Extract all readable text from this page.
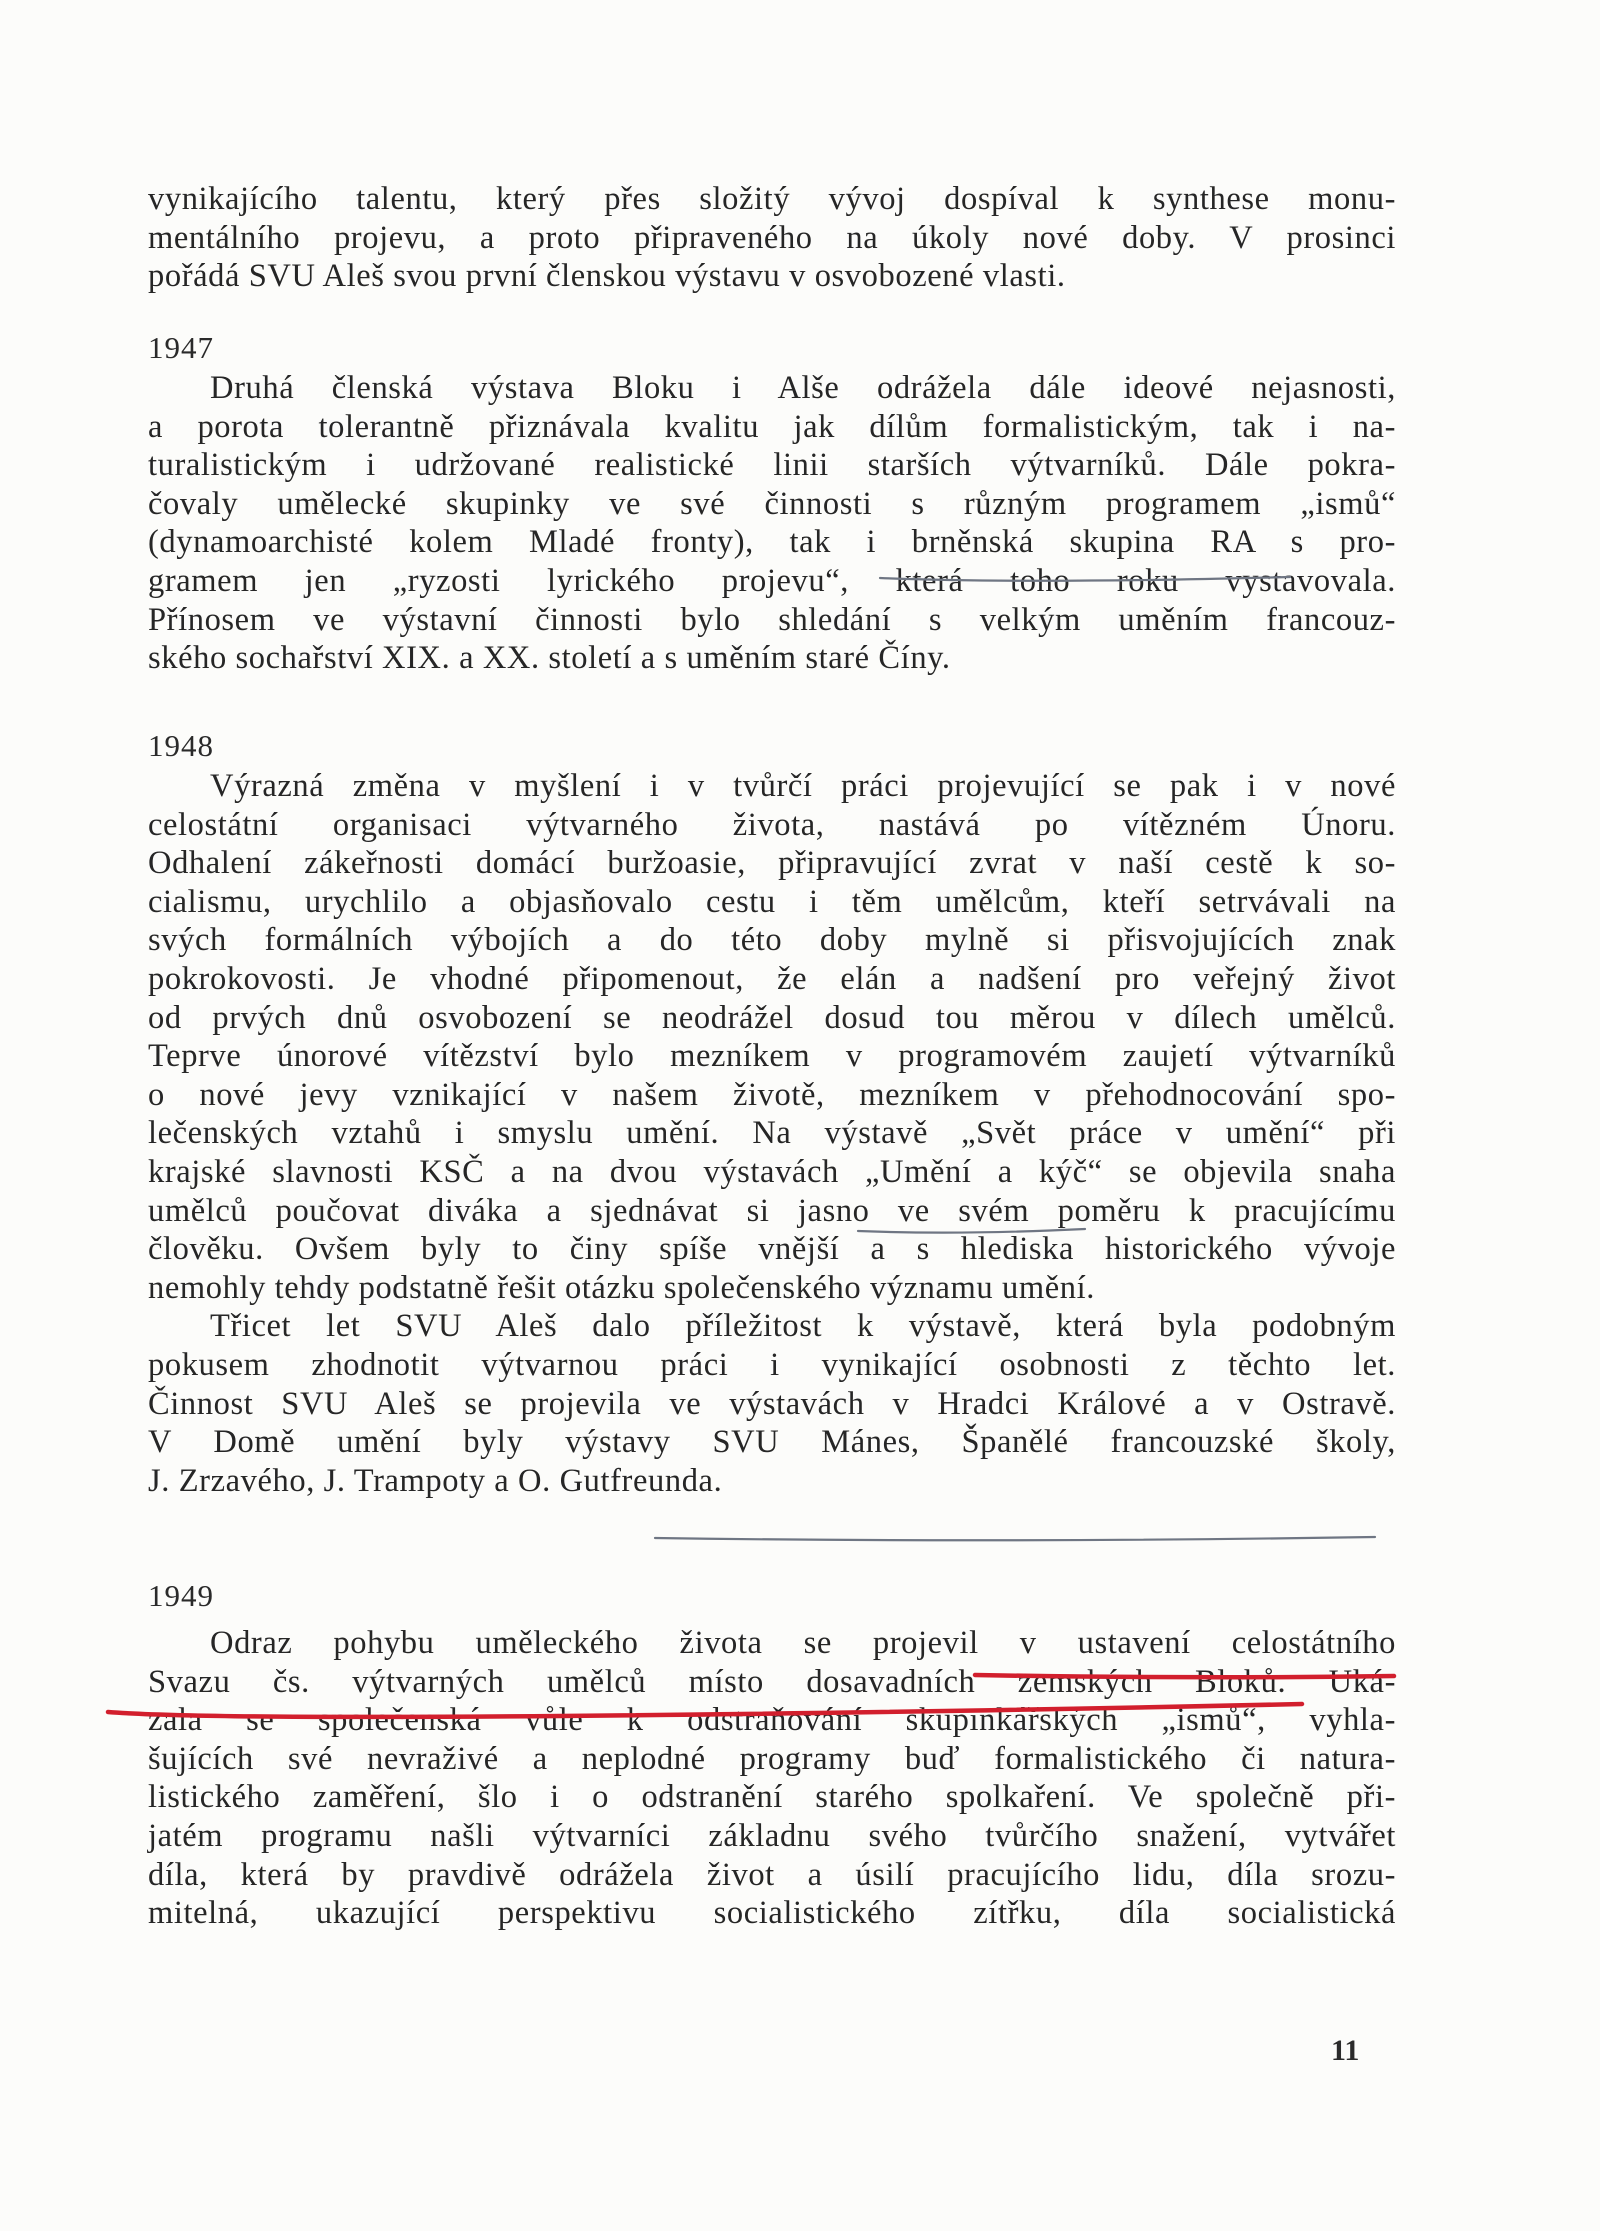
vynikajícího talentu, který přes složitý vývoj dospíval k synthese monu-
mentálního projevu, a proto připraveného na úkoly nové doby. V prosinci
pořádá SVU Aleš svou první členskou výstavu v osvobozené vlasti.
1947
Druhá členská výstava Bloku i Alše odrážela dále ideové nejasnosti,
a porota tolerantně přiznávala kvalitu jak dílům formalistickým, tak i na-
turalistickým i udržované realistické linii starších výtvarníků. Dále pokra-
čovaly umělecké skupinky ve své činnosti s různým programem „ismů“
(dynamoarchisté kolem Mladé fronty), tak i brněnská skupina RA s pro-
gramem jen „ryzosti lyrického projevu“, která toho roku vystavovala.
Přínosem ve výstavní činnosti bylo shledání s velkým uměním francouz-
ského sochařství XIX. a XX. století a s uměním staré Číny.
1948
Výrazná změna v myšlení i v tvůrčí práci projevující se pak i v nové
celostátní organisaci výtvarného života, nastává po vítězném Únoru.
Odhalení zákeřnosti domácí buržoasie, připravující zvrat v naší cestě k so-
cialismu, urychlilo a objasňovalo cestu i těm umělcům, kteří setrvávali na
svých formálních výbojích a do této doby mylně si přisvojujících znak
pokrokovosti. Je vhodné připomenout, že elán a nadšení pro veřejný život
od prvých dnů osvobození se neodrážel dosud tou měrou v dílech umělců.
Teprve únorové vítězství bylo mezníkem v programovém zaujetí výtvarníků
o nové jevy vznikající v našem životě, mezníkem v přehodnocování spo-
lečenských vztahů i smyslu umění. Na výstavě „Svět práce v umění“ při
krajské slavnosti KSČ a na dvou výstavách „Umění a kýč“ se objevila snaha
umělců poučovat diváka a sjednávat si jasno ve svém poměru k pracujícímu
člověku. Ovšem byly to činy spíše vnější a s hlediska historického vývoje
nemohly tehdy podstatně řešit otázku společenského významu umění.
Třicet let SVU Aleš dalo příležitost k výstavě, která byla podobným
pokusem zhodnotit výtvarnou práci i vynikající osobnosti z těchto let.
Činnost SVU Aleš se projevila ve výstavách v Hradci Králové a v Ostravě.
V Domě umění byly výstavy SVU Mánes, Španělé francouzské školy,
J. Zrzavého, J. Trampoty a O. Gutfreunda.
1949
Odraz pohybu uměleckého života se projevil v ustavení celostátního
Svazu čs. výtvarných umělců místo dosavadních zemských Bloků. Uká-
zala se společenská vůle k odstraňování skupinkářských „ismů“, vyhla-
šujících své nevraživé a neplodné programy buď formalistického či natura-
listického zaměření, šlo i o odstranění starého spolkaření. Ve společně při-
jatém programu našli výtvarníci základnu svého tvůrčího snažení, vytvářet
díla, která by pravdivě odrážela život a úsilí pracujícího lidu, díla srozu-
mitelná, ukazující perspektivu socialistického zítřku, díla socialistická
11
